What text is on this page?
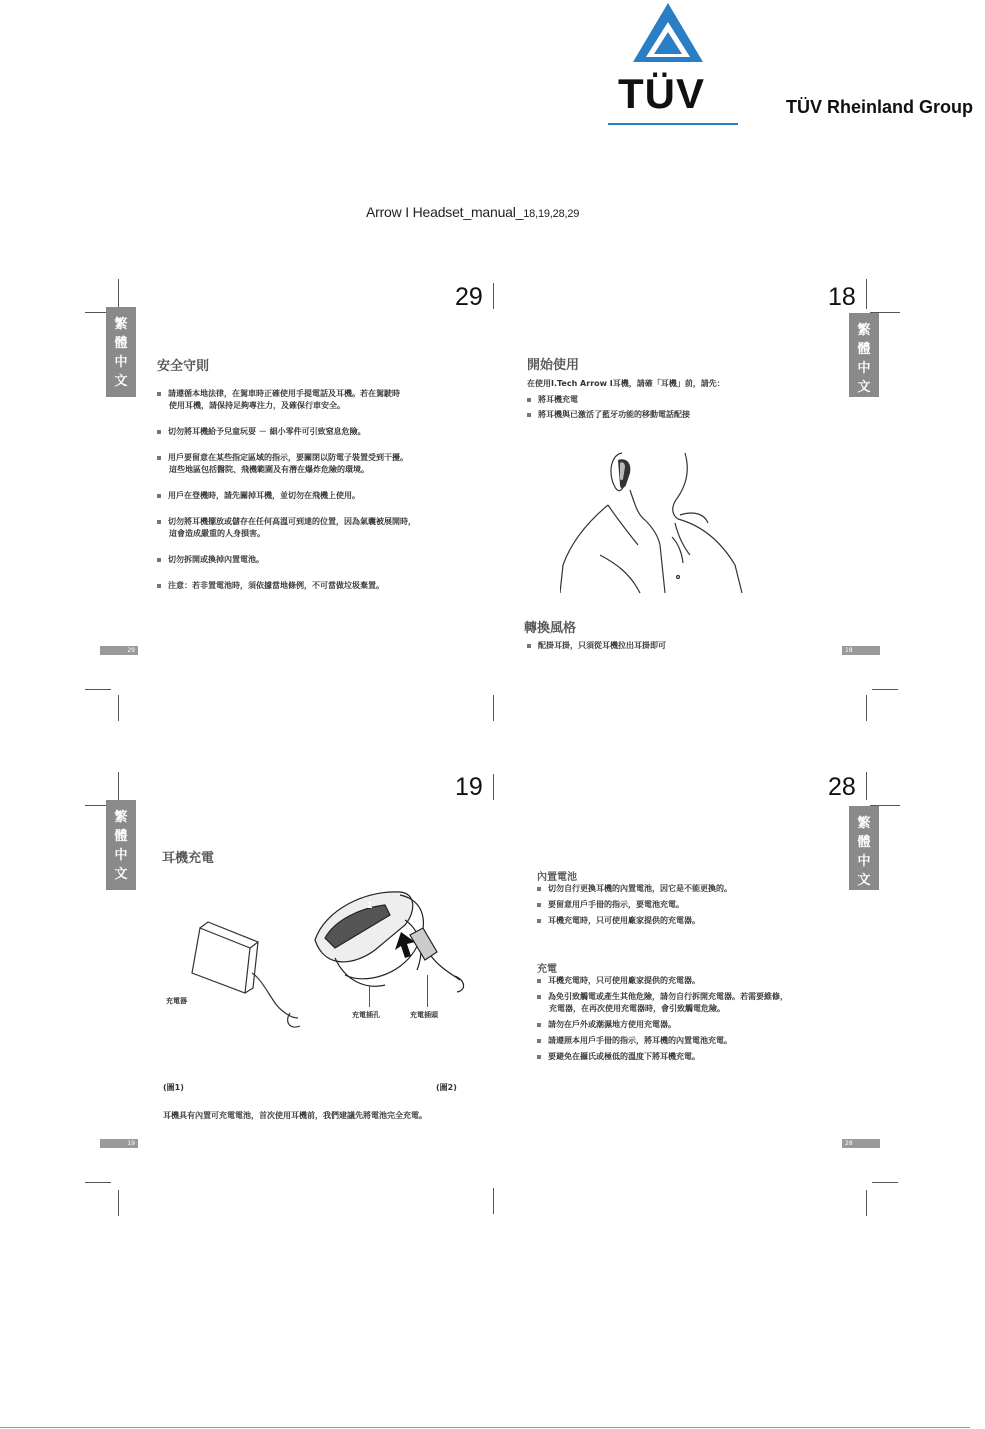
TÜV	TÜV Rheinland Group
Arrow I Headset_manual_18,19,28,29
繁
體
中
文
29
安全守則
請遵循本地法律，在駕車時正確使用手提電話及耳機。若在駕駛時
使用耳機，請保持足夠專注力，及確保行車安全。
切勿將耳機給予兒童玩耍 － 細小零件可引致窒息危險。
用戶要留意在某些指定區域的指示，要關閉以防電子裝置受到干擾。
這些地區包括醫院、飛機範圍及有潛在爆炸危險的環境。
用戶在登機時，請先關掉耳機，並切勿在飛機上使用。
切勿將耳機擺放或儲存在任何高溫可到達的位置，因為氣囊被展開時，
這會造成嚴重的人身損害。
切勿拆開或換掉內置電池。
注意：若非置電池時，須依據當地條例，不可當做垃圾棄置。
29
繁
體
中
文
18
開始使用
在使用I.Tech Arrow I耳機，請確「耳機」前，請先：
將耳機充電
將耳機與已激活了藍牙功能的移動電話配接
轉換風格
配掛耳掛，只須從耳機拉出耳掛即可
18
繁
體
中
文
19
耳機充電
1
充電器
充電插孔	充電插頭
(圖1)	(圖2)
耳機具有內置可充電電池，首次使用耳機前，我們建議先將電池完全充電。
19
繁
體
中
文
28
內置電池
切勿自行更換耳機的內置電池，因它是不能更換的。
要留意用戶手冊的指示，要電池充電。
耳機充電時，只可使用廠家提供的充電器。
充電
耳機充電時，只可使用廠家提供的充電器。
為免引致觸電或產生其他危險，請勿自行拆開充電器。若需要維修，
充電器，在再次使用充電器時，會引致觸電危險。
請勿在戶外或潮濕地方使用充電器。
請遵照本用戶手冊的指示，將耳機的內置電池充電。
要避免在攝氏或極低的溫度下將耳機充電。
28
